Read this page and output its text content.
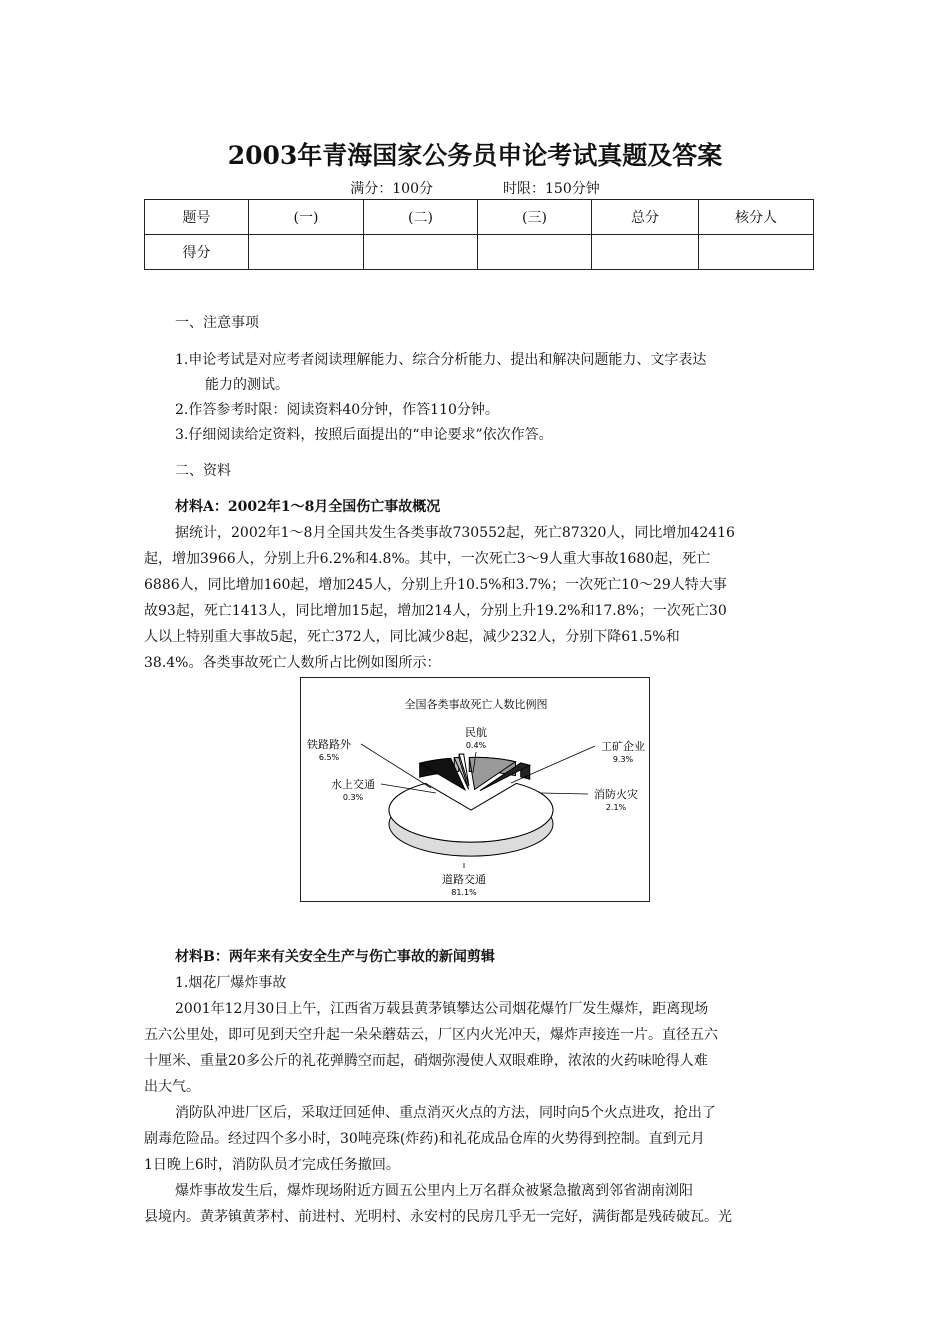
2003年青海国家公务员申论考试真题及答案
满分：100分	时限：150分钟
题号	(一)	(二)	(三)	总分	核分人
得分					
一、注意事项
1.申论考试是对应考者阅读理解能力、综合分析能力、提出和解决问题能力、文字表达
能力的测试。
2.作答参考时限：阅读资料40分钟，作答110分钟。
3.仔细阅读给定资料，按照后面提出的“申论要求”依次作答。
二、资料
材料A：2002年1～8月全国伤亡事故概况
据统计，2002年1～8月全国共发生各类事故730552起，死亡87320人，同比增加42416
起，增加3966人，分别上升6.2%和4.8%。其中，一次死亡3～9人重大事故1680起，死亡
6886人，同比增加160起，增加245人，分别上升10.5%和3.7%；一次死亡10～29人特大事
故93起，死亡1413人，同比增加15起，增加214人，分别上升19.2%和17.8%；一次死亡30
人以上特别重大事故5起，死亡372人，同比减少8起，减少232人，分别下降61.5%和
38.4%。各类事故死亡人数所占比例如图所示：
全国各类事故死亡人数比例图
道路交通
81.1%
工矿企业
9.3%
铁路路外
6.5%
消防火灾
2.1%
民航
0.4%
水上交通
0.3%
材料B：两年来有关安全生产与伤亡事故的新闻剪辑
1.烟花厂爆炸事故
2001年12月30日上午，江西省万载县黄茅镇攀达公司烟花爆竹厂发生爆炸，距离现场
五六公里处，即可见到天空升起一朵朵蘑菇云，厂区内火光冲天，爆炸声接连一片。直径五六
十厘米、重量20多公斤的礼花弹腾空而起，硝烟弥漫使人双眼难睁，浓浓的火药味呛得人难
出大气。
消防队冲进厂区后，采取迂回延伸、重点消灭火点的方法，同时向5个火点进攻，抢出了
剧毒危险品。经过四个多小时，30吨亮珠(炸药)和礼花成品仓库的火势得到控制。直到元月
1日晚上6时，消防队员才完成任务撤回。
爆炸事故发生后，爆炸现场附近方圆五公里内上万名群众被紧急撤离到邻省湖南浏阳
县境内。黄茅镇黄茅村、前进村、光明村、永安村的民房几乎无一完好，满街都是残砖破瓦。光
